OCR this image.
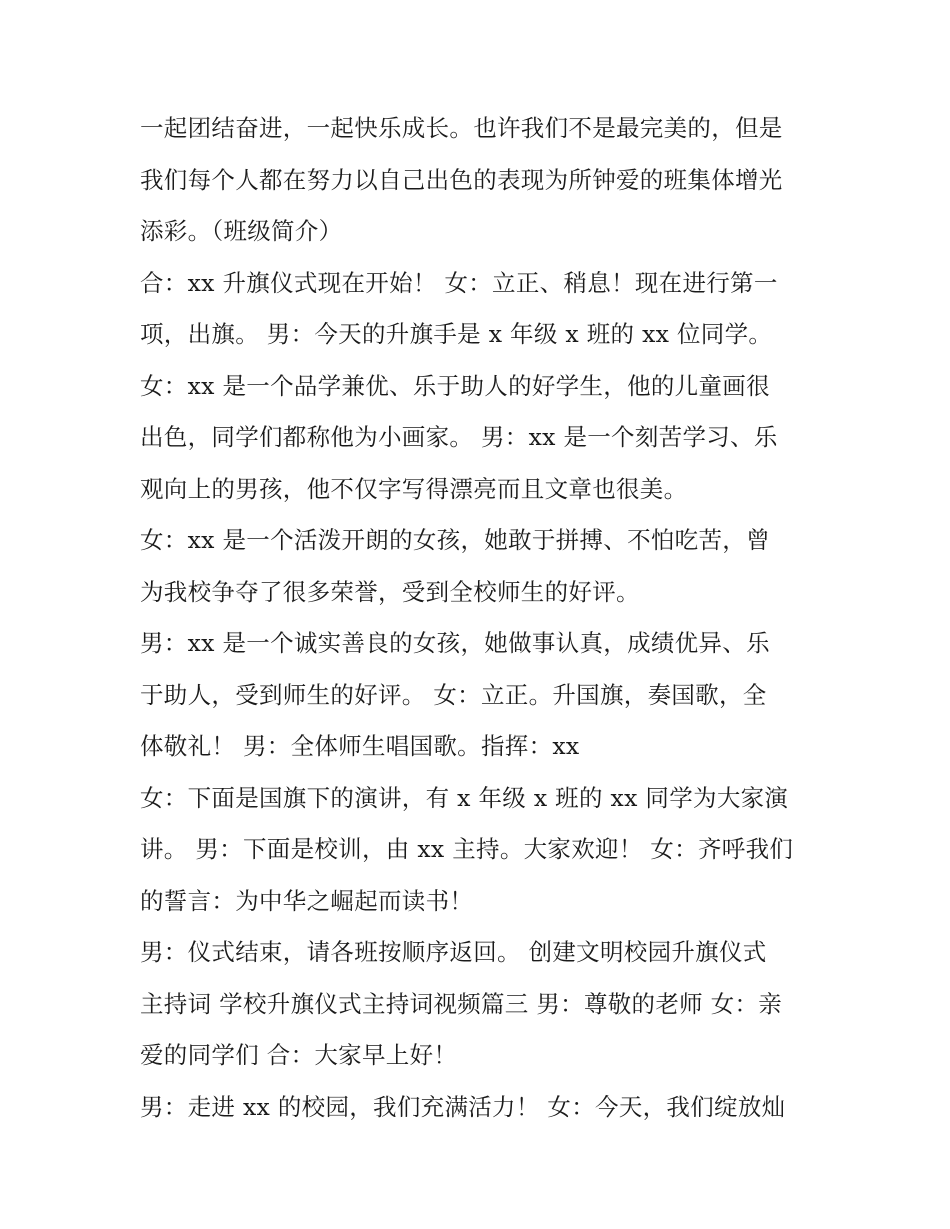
一起团结奋进，一起快乐成长。也许我们不是最完美的，但是
我们每个人都在努力以自己出色的表现为所钟爱的班集体增光
添彩。（班级简介）
合：xx 升旗仪式现在开始！ 女：立正、稍息！现在进行第一
项，出旗。 男：今天的升旗手是 x 年级 x 班的 xx 位同学。
女：xx 是一个品学兼优、乐于助人的好学生，他的儿童画很
出色，同学们都称他为小画家。 男：xx 是一个刻苦学习、乐
观向上的男孩，他不仅字写得漂亮而且文章也很美。
女：xx 是一个活泼开朗的女孩，她敢于拼搏、不怕吃苦，曾
为我校争夺了很多荣誉，受到全校师生的好评。
男：xx 是一个诚实善良的女孩，她做事认真，成绩优异、乐
于助人，受到师生的好评。 女：立正。升国旗，奏国歌，全
体敬礼！ 男：全体师生唱国歌。指挥：xx
女：下面是国旗下的演讲，有 x 年级 x 班的 xx 同学为大家演
讲。 男：下面是校训，由 xx 主持。大家欢迎！ 女：齐呼我们
的誓言：为中华之崛起而读书！
男：仪式结束，请各班按顺序返回。 创建文明校园升旗仪式
主持词 学校升旗仪式主持词视频篇三 男：尊敬的老师 女：亲
爱的同学们 合：大家早上好！
男：走进 xx 的校园，我们充满活力！ 女：今天，我们绽放灿
